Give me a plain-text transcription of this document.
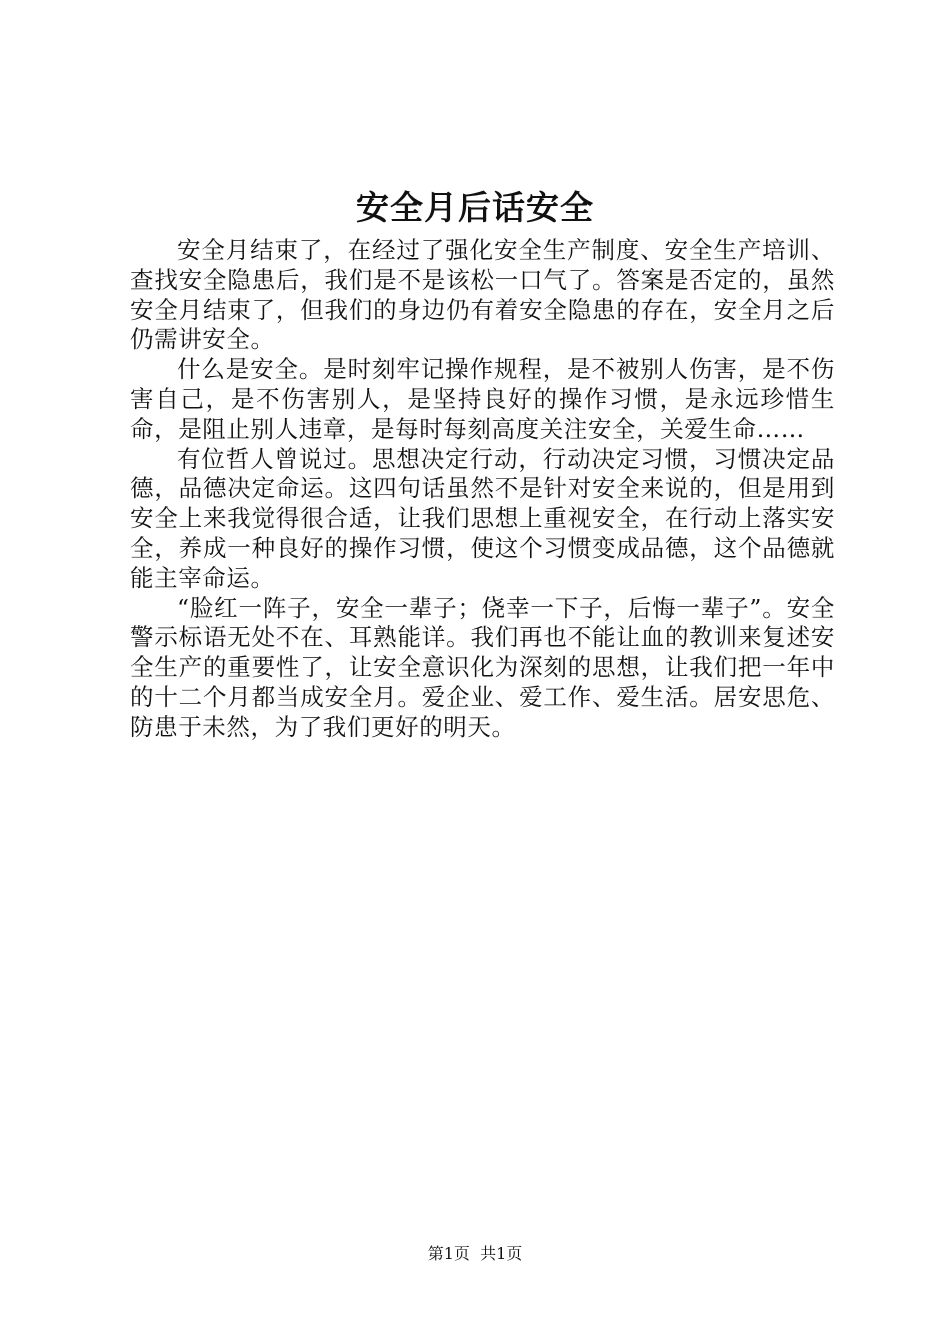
安全月后话安全

安全月结束了，在经过了强化安全生产制度、安全生产培训、查找安全隐患后，我们是不是该松一口气了。答案是否定的，虽然安全月结束了，但我们的身边仍有着安全隐患的存在，安全月之后仍需讲安全。

什么是安全。是时刻牢记操作规程，是不被别人伤害，是不伤害自己，是不伤害别人，是坚持良好的操作习惯，是永远珍惜生命，是阻止别人违章，是每时每刻高度关注安全，关爱生命……

有位哲人曾说过。思想决定行动，行动决定习惯，习惯决定品德，品德决定命运。这四句话虽然不是针对安全来说的，但是用到安全上来我觉得很合适，让我们思想上重视安全，在行动上落实安全，养成一种良好的操作习惯，使这个习惯变成品德，这个品德就能主宰命运。

“脸红一阵子，安全一辈子；侥幸一下子，后悔一辈子”。安全警示标语无处不在、耳熟能详。我们再也不能让血的教训来复述安全生产的重要性了，让安全意识化为深刻的思想，让我们把一年中的十二个月都当成安全月。爱企业、爱工作、爱生活。居安思危、防患于未然，为了我们更好的明天。

第1页  共1页
